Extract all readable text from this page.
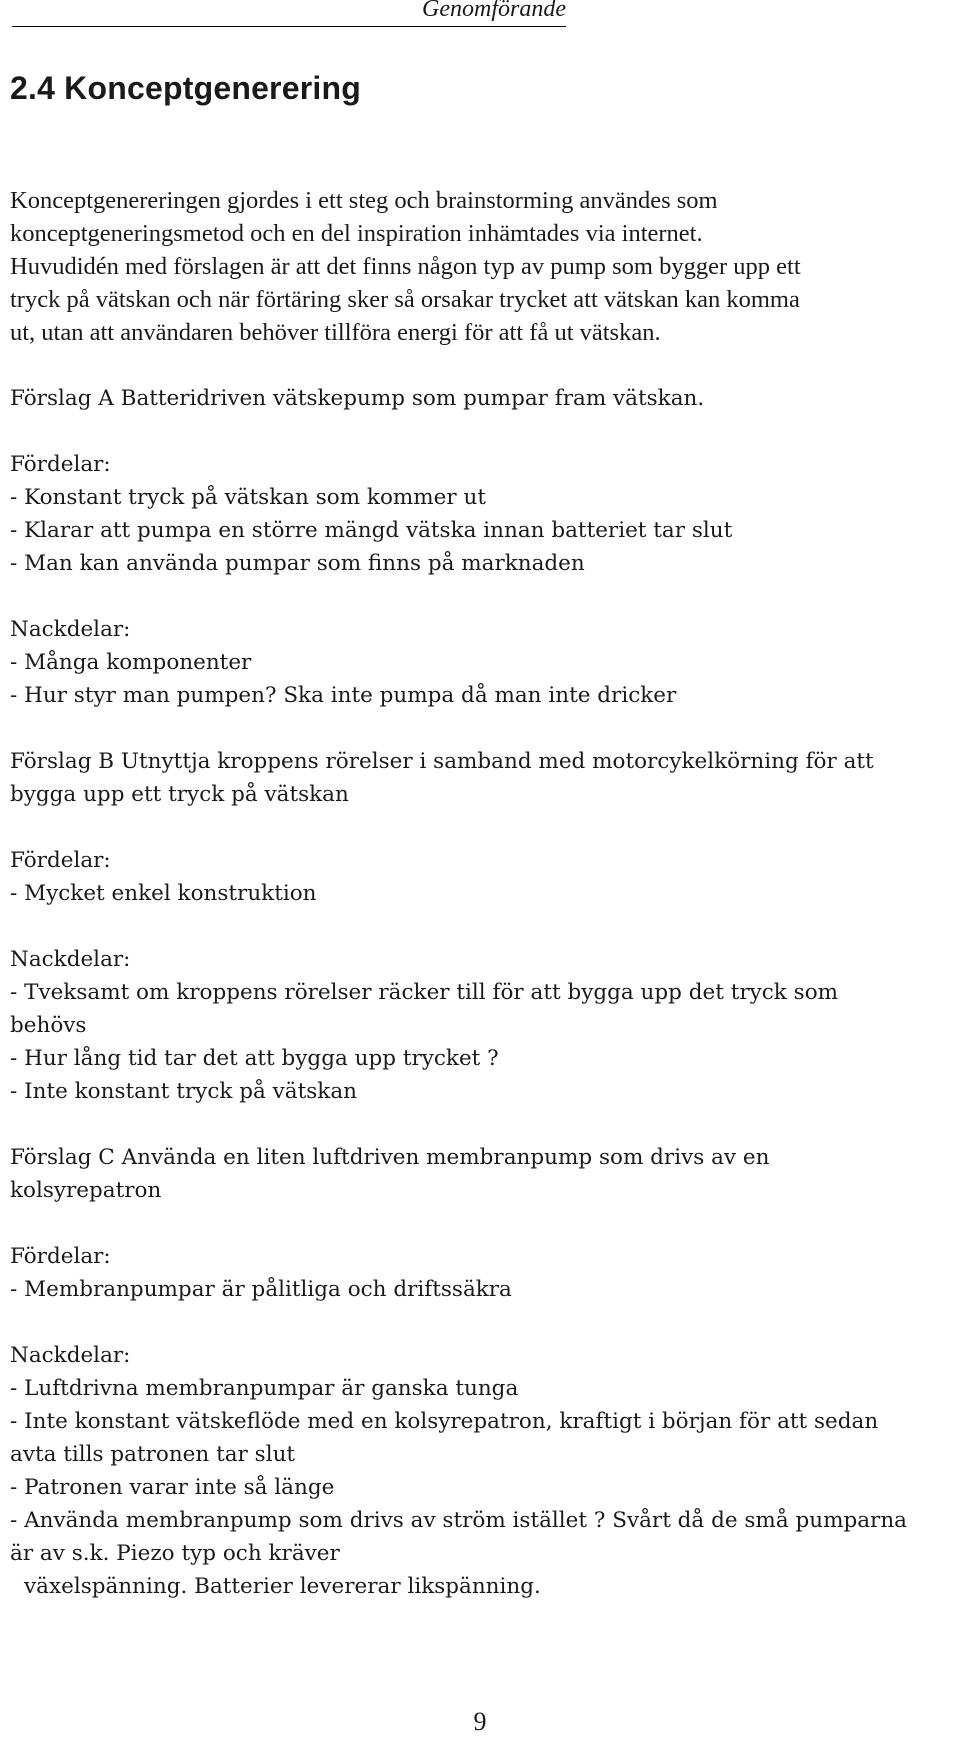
Genomförande
2.4 Konceptgenerering

Konceptgenereringen gjordes i ett steg och brainstorming användes som
konceptgeneringsmetod och en del inspiration inhämtades via internet.
Huvudidén med förslagen är att det finns någon typ av pump som bygger upp ett
tryck på vätskan och när förtäring sker så orsakar trycket att vätskan kan komma
ut, utan att användaren behöver tillföra energi för att få ut vätskan.

Förslag A Batteridriven vätskepump som pumpar fram vätskan.
Fördelar:
- Konstant tryck på vätskan som kommer ut
- Klarar att pumpa en större mängd vätska innan batteriet tar slut
- Man kan använda pumpar som finns på marknaden
Nackdelar:
- Många komponenter
- Hur styr man pumpen? Ska inte pumpa då man inte dricker
Förslag B Utnyttja kroppens rörelser i samband med motorcykelkörning för att
bygga upp ett tryck på vätskan
Fördelar:
- Mycket enkel konstruktion
Nackdelar:
- Tveksamt om kroppens rörelser räcker till för att bygga upp det tryck som
behövs
- Hur lång tid tar det att bygga upp trycket ?
- Inte konstant tryck på vätskan
Förslag C Använda en liten luftdriven membranpump som drivs av en
kolsyrepatron
Fördelar:
- Membranpumpar är pålitliga och driftssäkra
Nackdelar:
- Luftdrivna membranpumpar är ganska tunga
- Inte konstant vätskeflöde med en kolsyrepatron, kraftigt i början för att sedan
avta tills patronen tar slut
- Patronen varar inte så länge
- Använda membranpump som drivs av ström istället ? Svårt då de små pumparna
är av s.k. Piezo typ och kräver
växelspänning. Batterier levererar likspänning.
9
